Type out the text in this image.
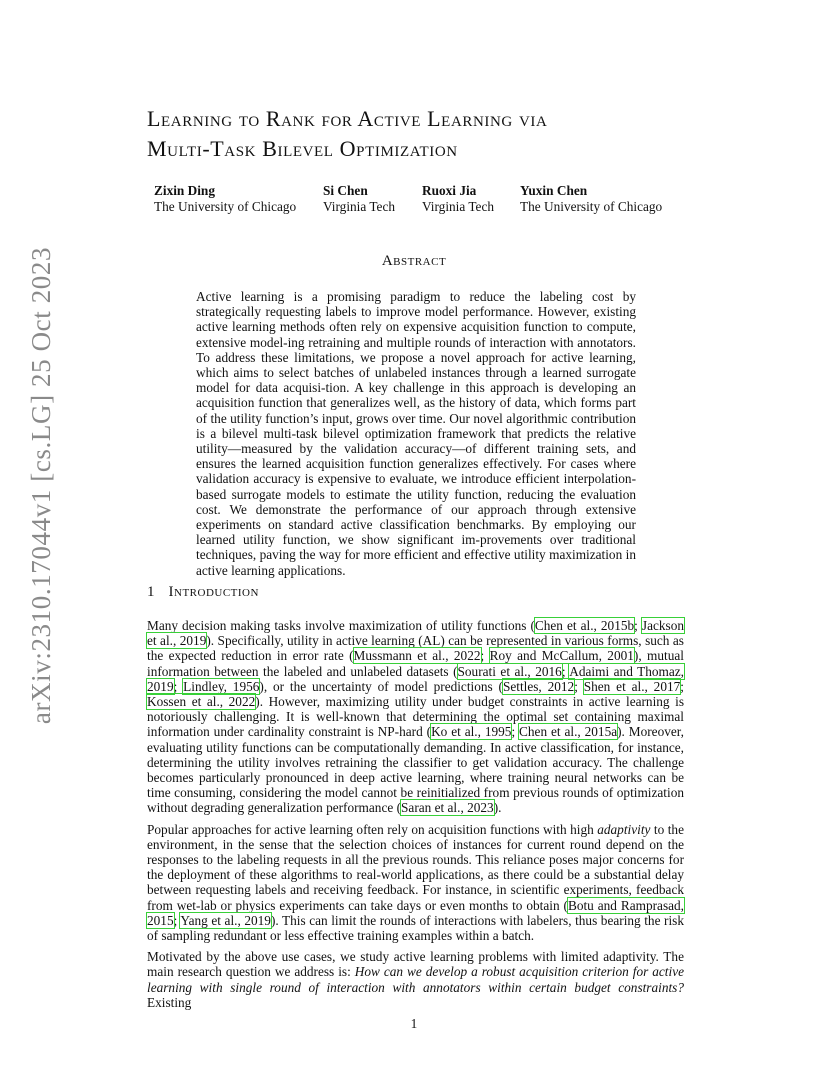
arXiv:2310.17044v1 [cs.LG] 25 Oct 2023
Learning to Rank for Active Learning via
Multi-Task Bilevel Optimization
Zixin Ding
The University of Chicago
Si Chen
Virginia Tech
Ruoxi Jia
Virginia Tech
Yuxin Chen
The University of Chicago
Abstract

Active learning is a promising paradigm to reduce the labeling cost by strategically requesting labels to improve model performance. However, existing active learning methods often rely on expensive acquisition function to compute, extensive model-ing retraining and multiple rounds of interaction with annotators. To address these limitations, we propose a novel approach for active learning, which aims to select batches of unlabeled instances through a learned surrogate model for data acquisi-tion. A key challenge in this approach is developing an acquisition function that generalizes well, as the history of data, which forms part of the utility function’s input, grows over time. Our novel algorithmic contribution is a bilevel multi-task bilevel optimization framework that predicts the relative utility—measured by the validation accuracy—of different training sets, and ensures the learned acquisition function generalizes effectively. For cases where validation accuracy is expensive to evaluate, we introduce efficient interpolation-based surrogate models to estimate the utility function, reducing the evaluation cost. We demonstrate the performance of our approach through extensive experiments on standard active classification benchmarks. By employing our learned utility function, we show significant im-provements over traditional techniques, paving the way for more efficient and effective utility maximization in active learning applications.

1 Introduction

Many decision making tasks involve maximization of utility functions (Chen et al., 2015b; Jackson et al., 2019). Specifically, utility in active learning (AL) can be represented in various forms, such as the expected reduction in error rate (Mussmann et al., 2022; Roy and McCallum, 2001), mutual information between the labeled and unlabeled datasets (Sourati et al., 2016; Adaimi and Thomaz, 2019; Lindley, 1956), or the uncertainty of model predictions (Settles, 2012; Shen et al., 2017; Kossen et al., 2022). However, maximizing utility under budget constraints in active learning is notoriously challenging. It is well-known that determining the optimal set containing maximal information under cardinality constraint is NP-hard (Ko et al., 1995; Chen et al., 2015a). Moreover, evaluating utility functions can be computationally demanding. In active classification, for instance, determining the utility involves retraining the classifier to get validation accuracy. The challenge becomes particularly pronounced in deep active learning, where training neural networks can be time consuming, considering the model cannot be reinitialized from previous rounds of optimization without degrading generalization performance (Saran et al., 2023).

Popular approaches for active learning often rely on acquisition functions with high adaptivity to the environment, in the sense that the selection choices of instances for current round depend on the responses to the labeling requests in all the previous rounds. This reliance poses major concerns for the deployment of these algorithms to real-world applications, as there could be a substantial delay between requesting labels and receiving feedback. For instance, in scientific experiments, feedback from wet-lab or physics experiments can take days or even months to obtain (Botu and Ramprasad, 2015; Yang et al., 2019). This can limit the rounds of interactions with labelers, thus bearing the risk of sampling redundant or less effective training examples within a batch.

Motivated by the above use cases, we study active learning problems with limited adaptivity. The main research question we address is: How can we develop a robust acquisition criterion for active learning with single round of interaction with annotators within certain budget constraints? Existing

1
